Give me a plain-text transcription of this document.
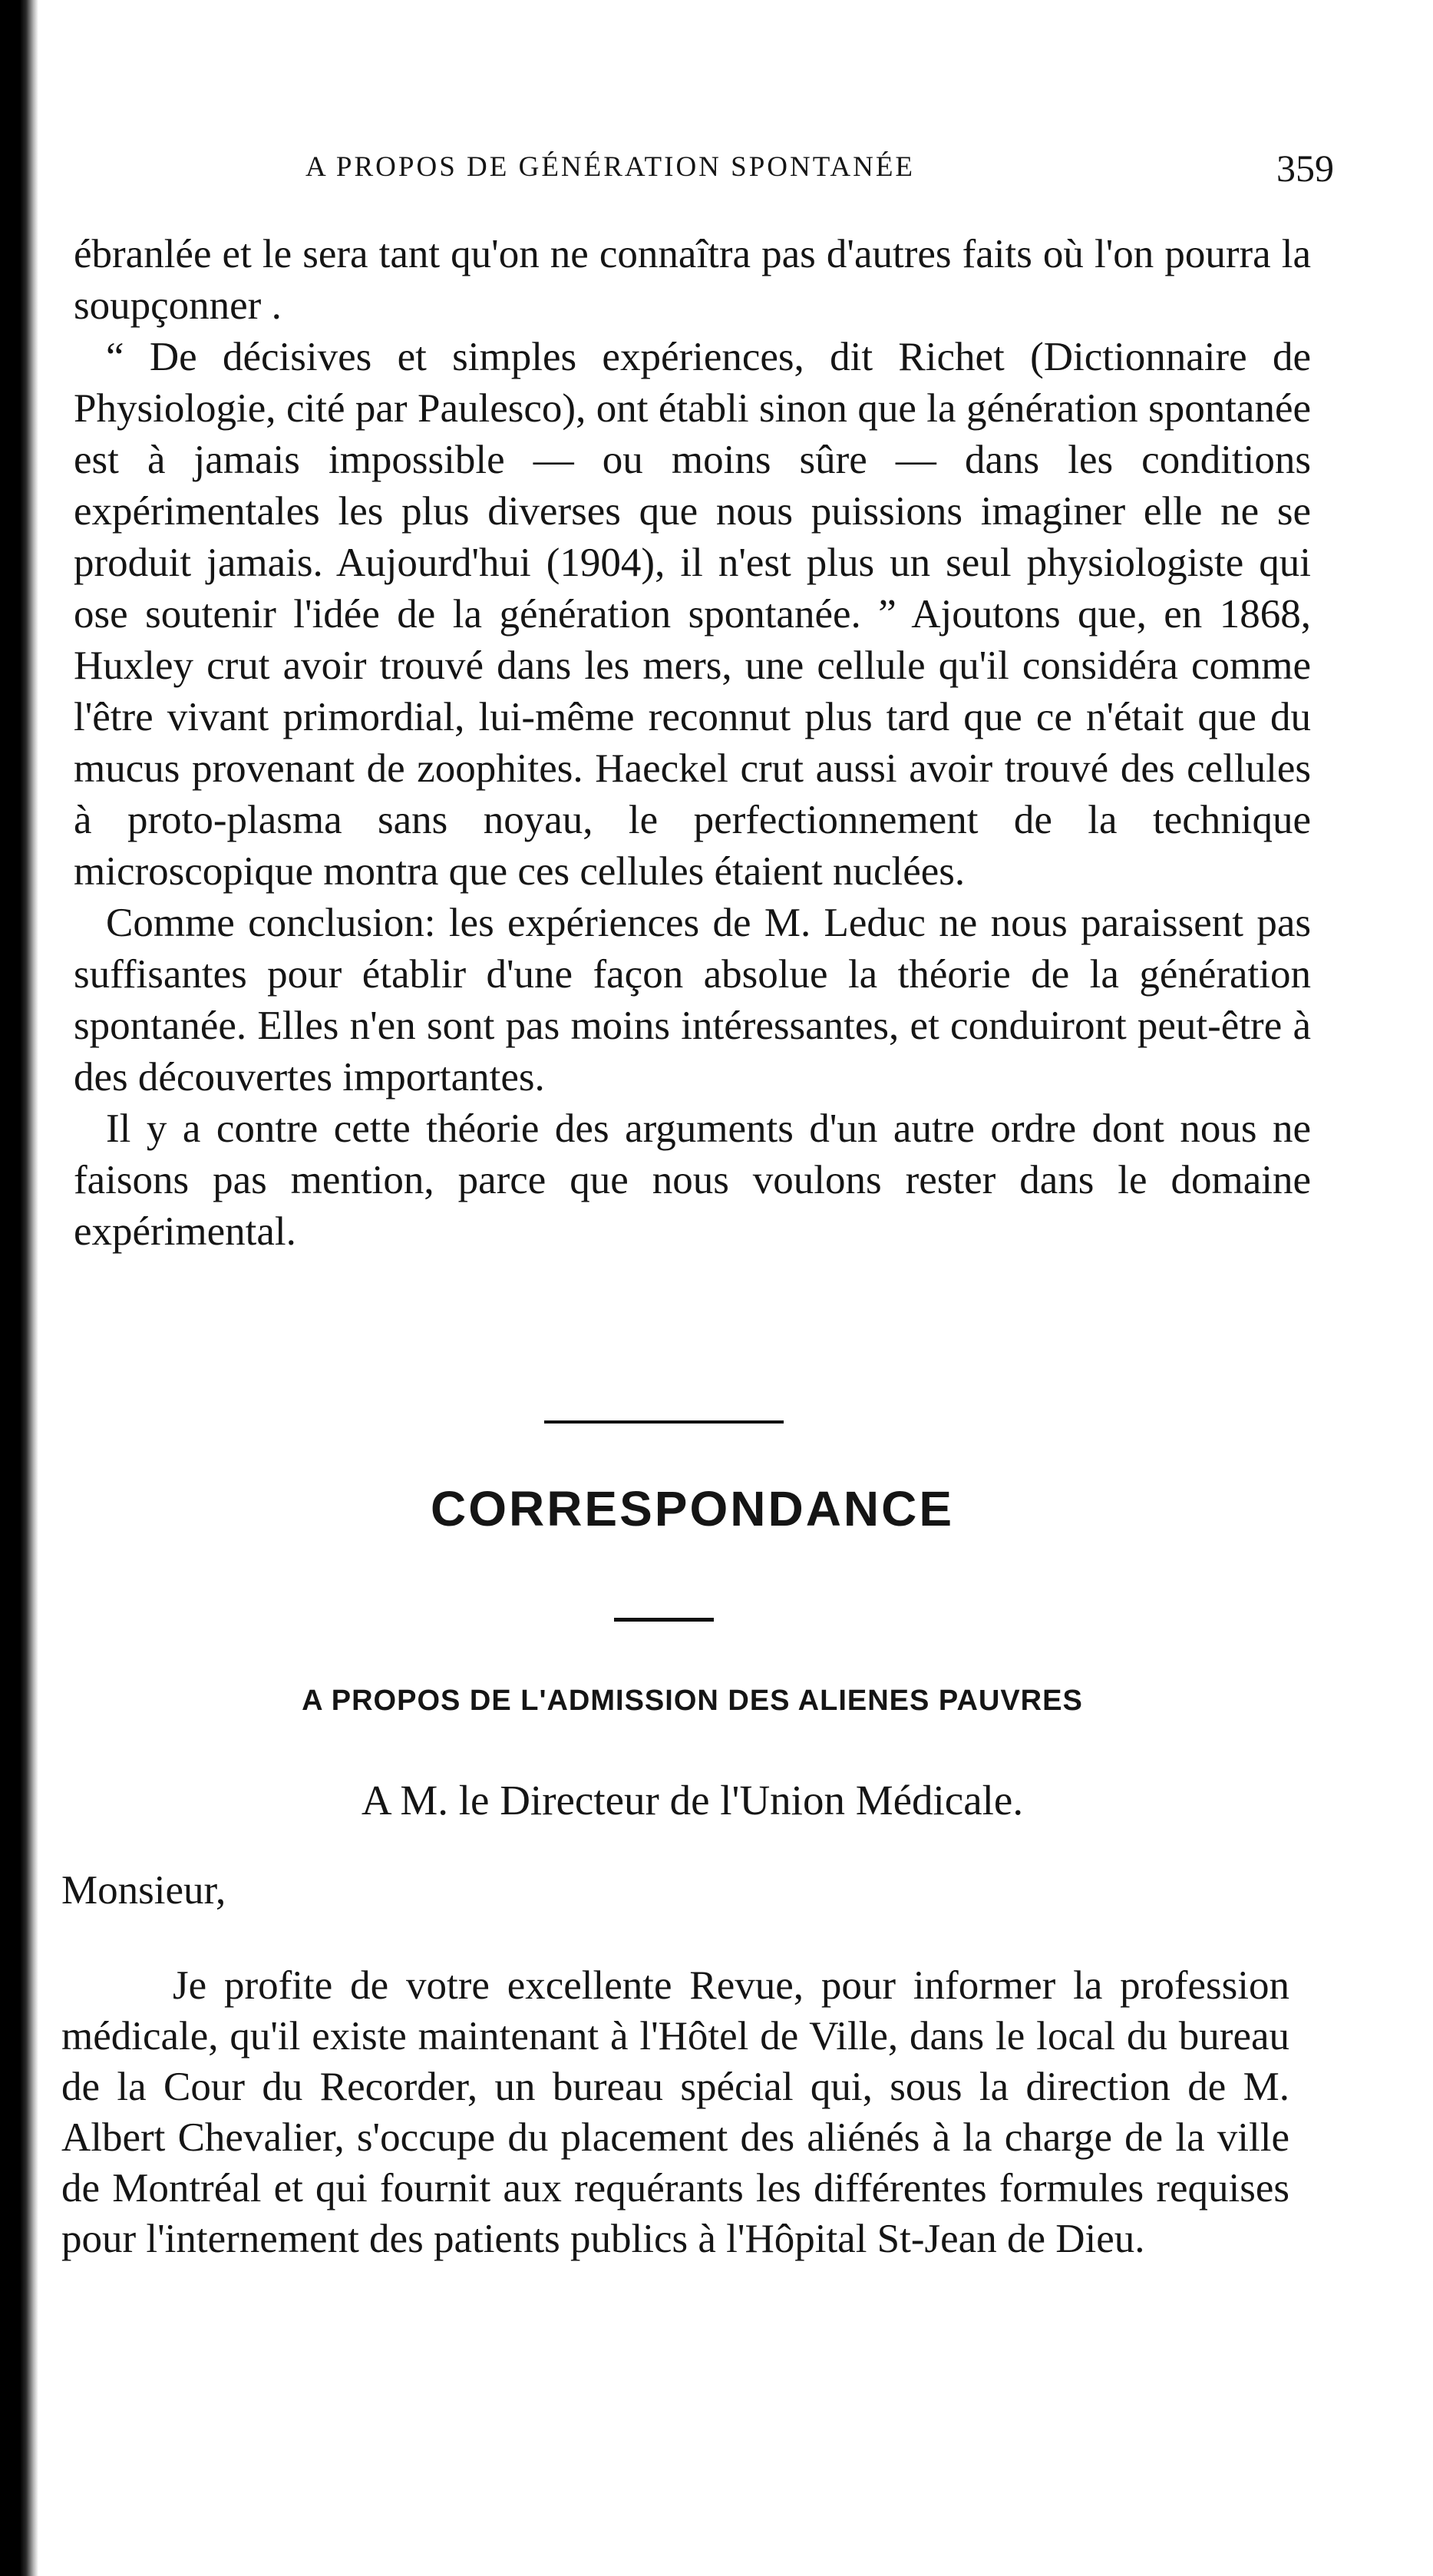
A PROPOS DE GÉNÉRATION SPONTANÉE	359

ébranlée et le sera tant qu'on ne connaîtra pas d'autres faits où l'on pourra la soupçonner .

“ De décisives et simples expériences, dit Richet (Dictionnaire de Physiologie, cité par Paulesco), ont établi sinon que la génération spontanée est à jamais impossible — ou moins sûre — dans les conditions expérimentales les plus diverses que nous puissions imaginer elle ne se produit jamais. Aujourd'hui (1904), il n'est plus un seul physiologiste qui ose soutenir l'idée de la génération spontanée. ” Ajoutons que, en 1868, Huxley crut avoir trouvé dans les mers, une cellule qu'il considéra comme l'être vivant primordial, lui-même reconnut plus tard que ce n'était que du mucus provenant de zoophites. Haeckel crut aussi avoir trouvé des cellules à proto-plasma sans noyau, le perfectionnement de la technique microscopique montra que ces cellules étaient nuclées.

Comme conclusion: les expériences de M. Leduc ne nous paraissent pas suffisantes pour établir d'une façon absolue la théorie de la génération spontanée. Elles n'en sont pas moins intéressantes, et conduiront peut-être à des découvertes importantes.

Il y a contre cette théorie des arguments d'un autre ordre dont nous ne faisons pas mention, parce que nous voulons rester dans le domaine expérimental.

CORRESPONDANCE
A PROPOS DE L'ADMISSION DES ALIENES PAUVRES
A M. le Directeur de l'Union Médicale.
Monsieur,

Je profite de votre excellente Revue, pour informer la profession médicale, qu'il existe maintenant à l'Hôtel de Ville, dans le local du bureau de la Cour du Recorder, un bureau spécial qui, sous la direction de M. Albert Chevalier, s'occupe du placement des aliénés à la charge de la ville de Montréal et qui fournit aux requérants les différentes formules requises pour l'internement des patients publics à l'Hôpital St-Jean de Dieu.
